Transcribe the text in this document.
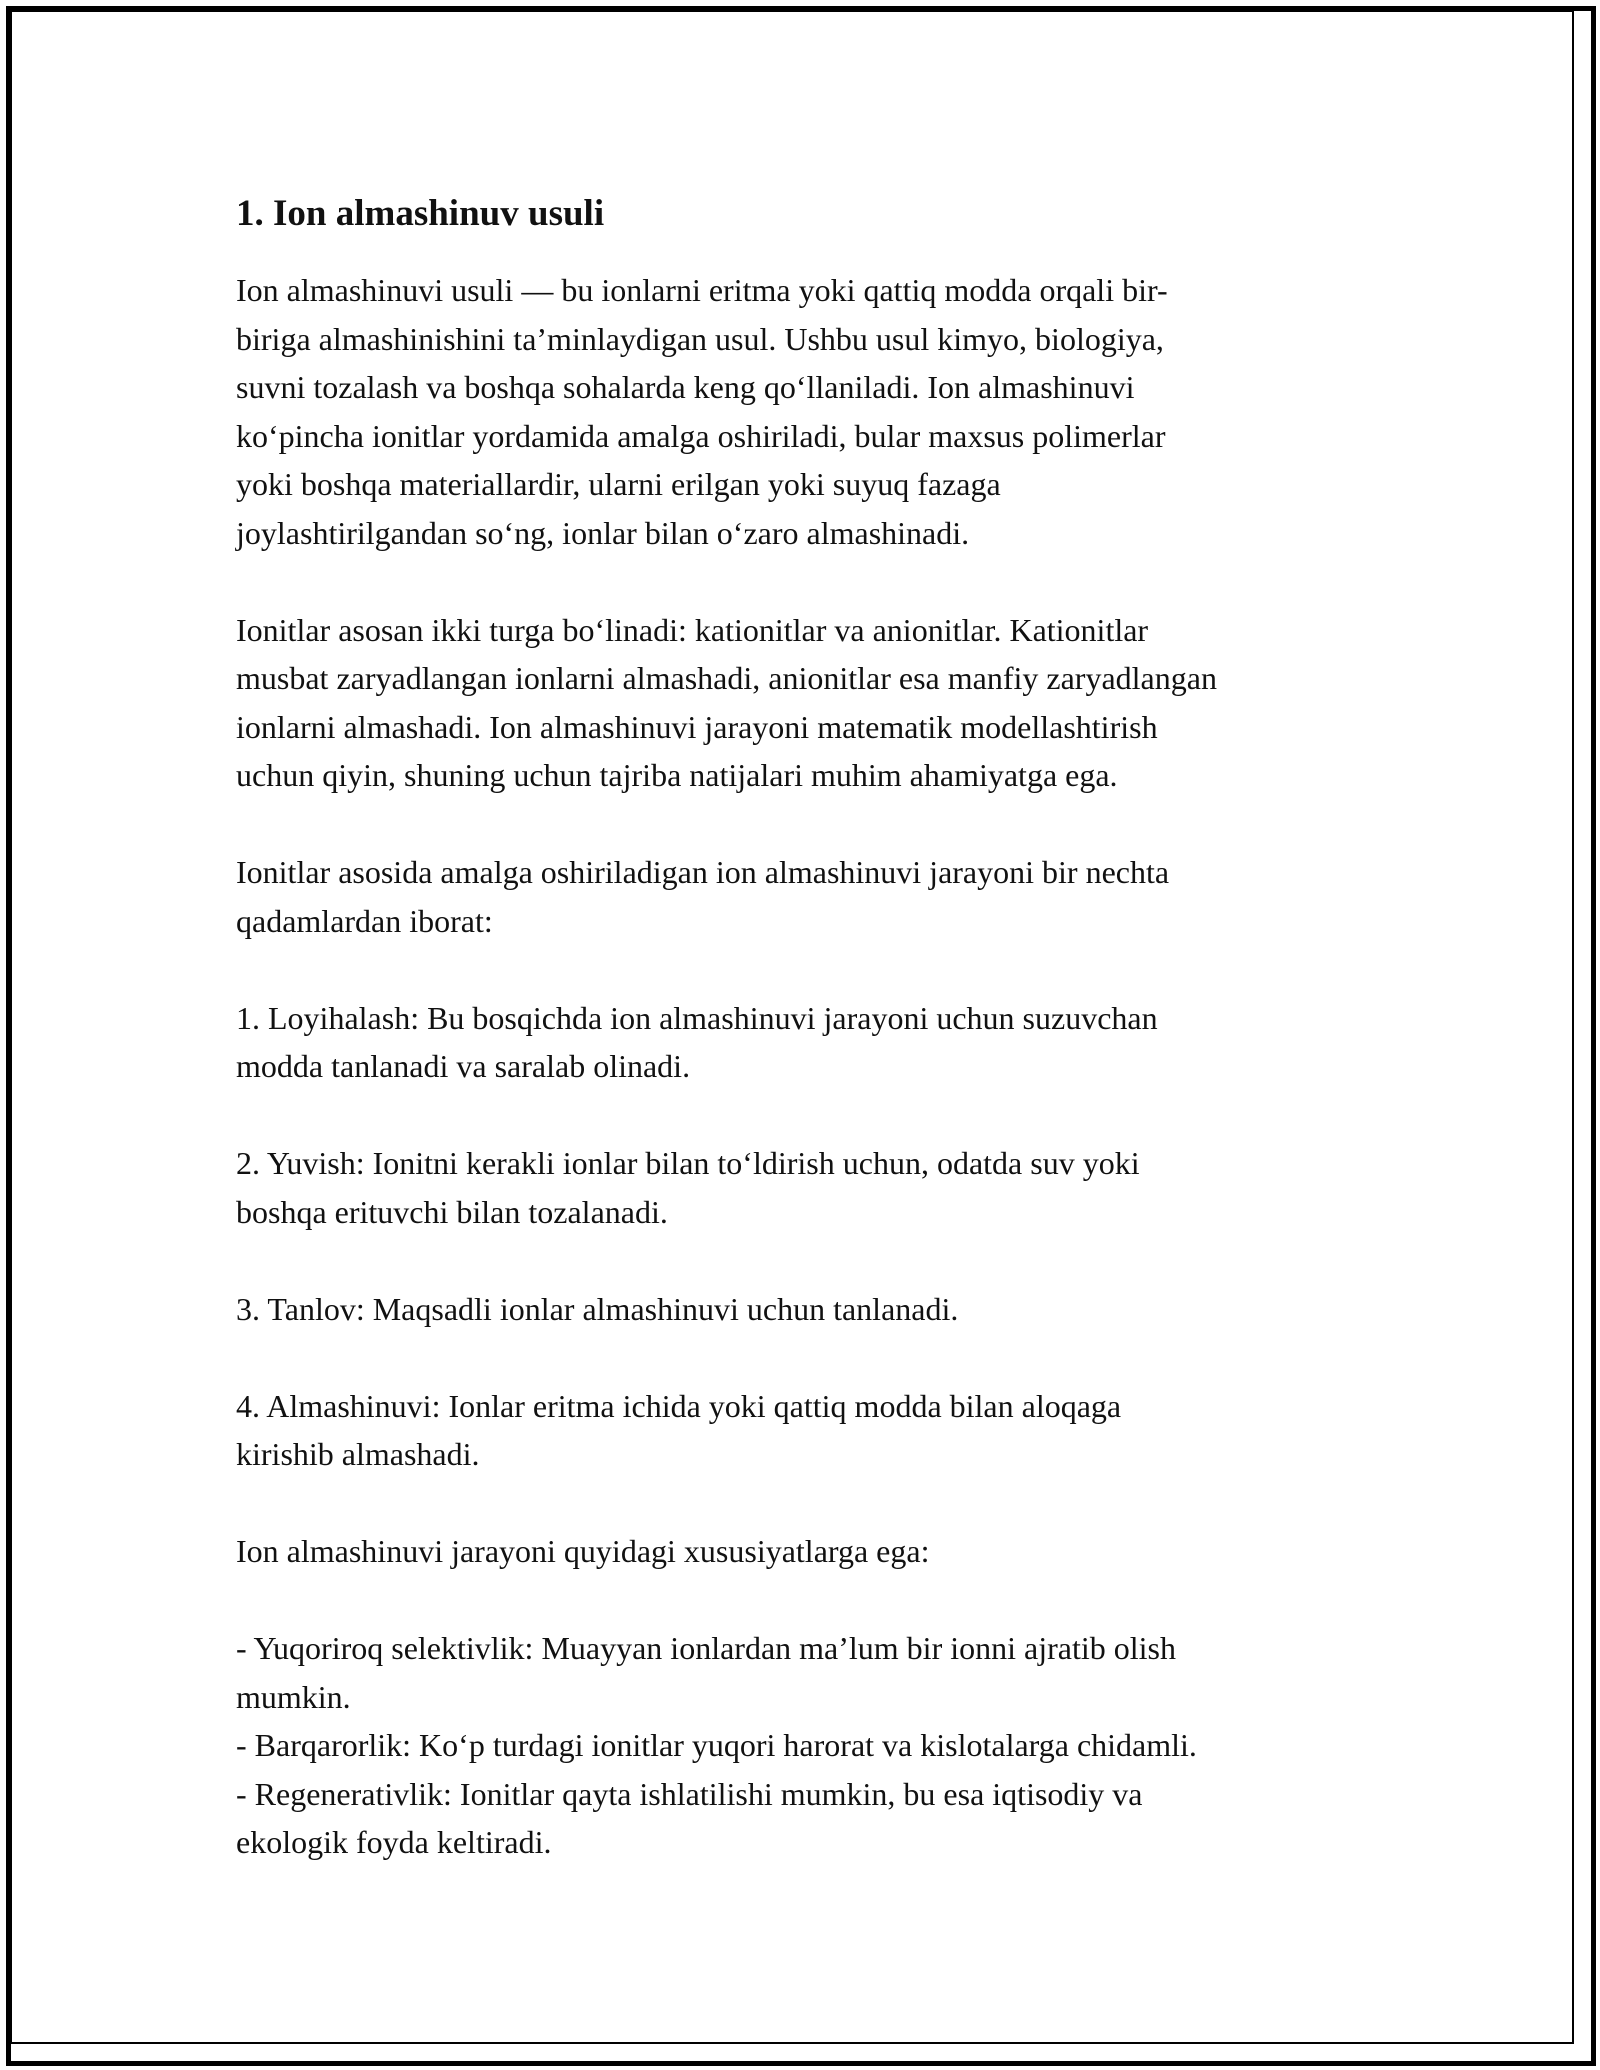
1. Ion almashinuv usuli

Ion almashinuvi usuli — bu ionlarni eritma yoki qattiq modda orqali bir-
biriga almashinishini ta’minlaydigan usul. Ushbu usul kimyo, biologiya,
suvni tozalash va boshqa sohalarda keng qoʻllaniladi. Ion almashinuvi
koʻpincha ionitlar yordamida amalga oshiriladi, bular maxsus polimerlar
yoki boshqa materiallardir, ularni erilgan yoki suyuq fazaga
joylashtirilgandan soʻng, ionlar bilan oʻzaro almashinadi.

Ionitlar asosan ikki turga boʻlinadi: kationitlar va anionitlar. Kationitlar
musbat zaryadlangan ionlarni almashadi, anionitlar esa manfiy zaryadlangan
ionlarni almashadi. Ion almashinuvi jarayoni matematik modellashtirish
uchun qiyin, shuning uchun tajriba natijalari muhim ahamiyatga ega.

Ionitlar asosida amalga oshiriladigan ion almashinuvi jarayoni bir nechta
qadamlardan iborat:

1. Loyihalash: Bu bosqichda ion almashinuvi jarayoni uchun suzuvchan
modda tanlanadi va saralab olinadi.

2. Yuvish: Ionitni kerakli ionlar bilan toʻldirish uchun, odatda suv yoki
boshqa erituvchi bilan tozalanadi.

3. Tanlov: Maqsadli ionlar almashinuvi uchun tanlanadi.

4. Almashinuvi: Ionlar eritma ichida yoki qattiq modda bilan aloqaga
kirishib almashadi.

Ion almashinuvi jarayoni quyidagi xususiyatlarga ega:

- Yuqoriroq selektivlik: Muayyan ionlardan ma’lum bir ionni ajratib olish
mumkin.
- Barqarorlik: Koʻp turdagi ionitlar yuqori harorat va kislotalarga chidamli.
- Regenerativlik: Ionitlar qayta ishlatilishi mumkin, bu esa iqtisodiy va
ekologik foyda keltiradi.
